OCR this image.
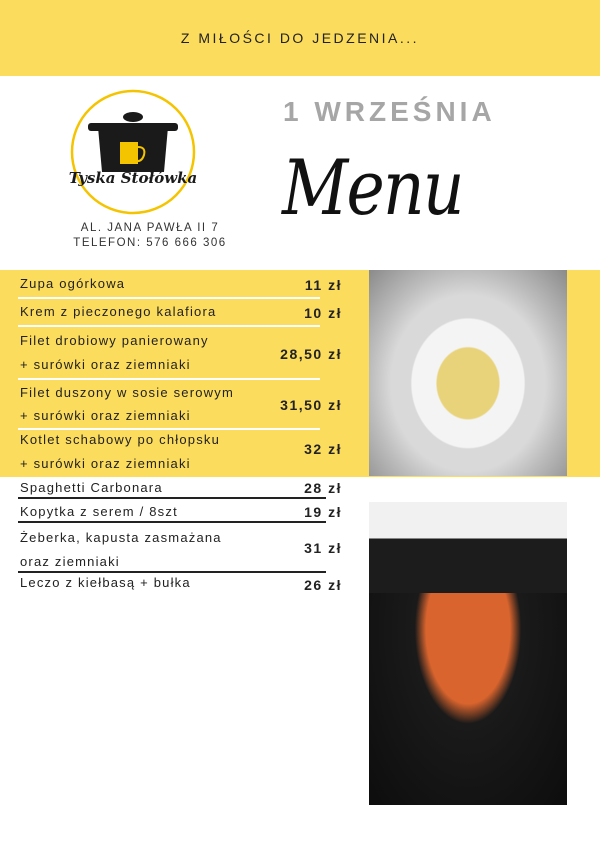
Z MIŁOŚCI DO JEDZENIA...
Tyska Stołówka
AL. JANA PAWŁA II 7
TELEFON: 576 666 306
1 WRZEŚNIA
Menu
Zupa ogórkowa	11 zł
Krem z pieczonego kalafiora	10 zł
Filet drobiowy panierowany
+ surówki oraz ziemniaki
28,50 zł
Filet duszony w sosie serowym
+ surówki oraz ziemniaki
31,50 zł
Kotlet schabowy po chłopsku
+ surówki oraz ziemniaki
32 zł
Spaghetti Carbonara	28 zł
Kopytka z serem / 8szt	19 zł
Żeberka, kapusta zasmażana
oraz ziemniaki
31 zł
Leczo z kiełbasą + bułka	26 zł
